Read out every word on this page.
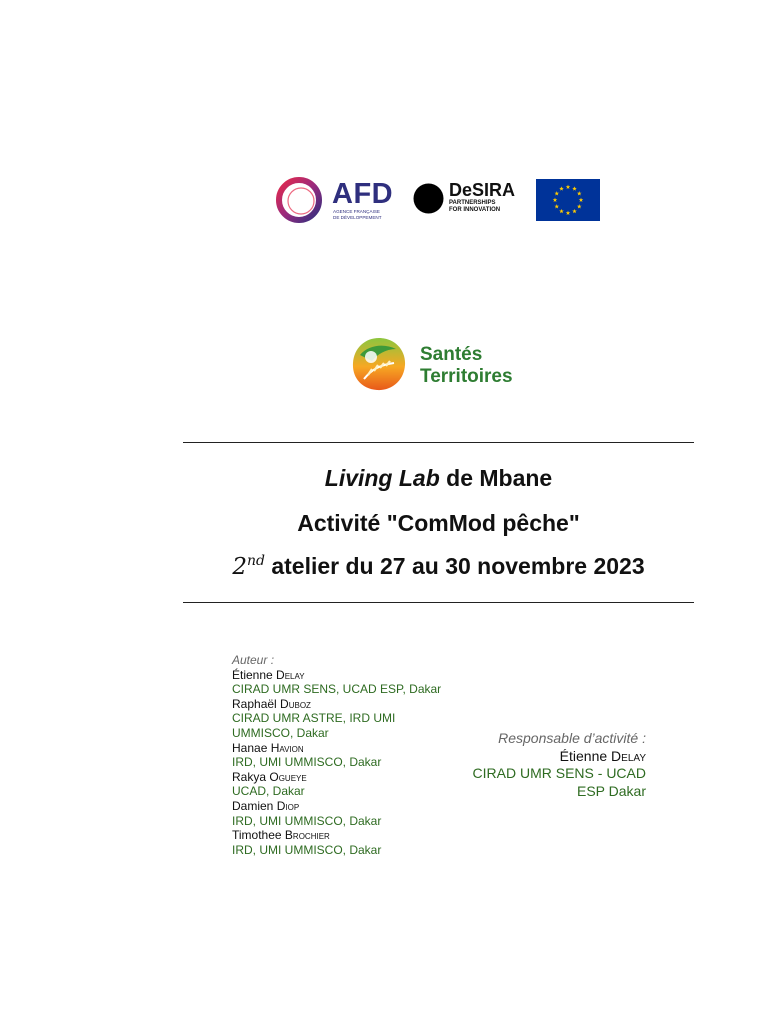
AFD
AGENCE FRANÇAISE
DE DÉVELOPPEMENT
DeSIRA
PARTNERSHIPS
FOR INNOVATION
Santés
Territoires
Living Lab de Mbane
Activité "ComMod pêche"
2nd atelier du 27 au 30 novembre 2023
Auteur :
Étienne Delay
CIRAD UMR SENS, UCAD ESP, Dakar
Raphaël Duboz
CIRAD UMR ASTRE, IRD UMI UMMISCO, Dakar
Hanae Havion
IRD, UMI UMMISCO, Dakar
Rakya Ogueye
UCAD, Dakar
Damien Diop
IRD, UMI UMMISCO, Dakar
Timothee Brochier
IRD, UMI UMMISCO, Dakar
Responsable d’activité :
Étienne Delay
CIRAD UMR SENS - UCAD
ESP Dakar
